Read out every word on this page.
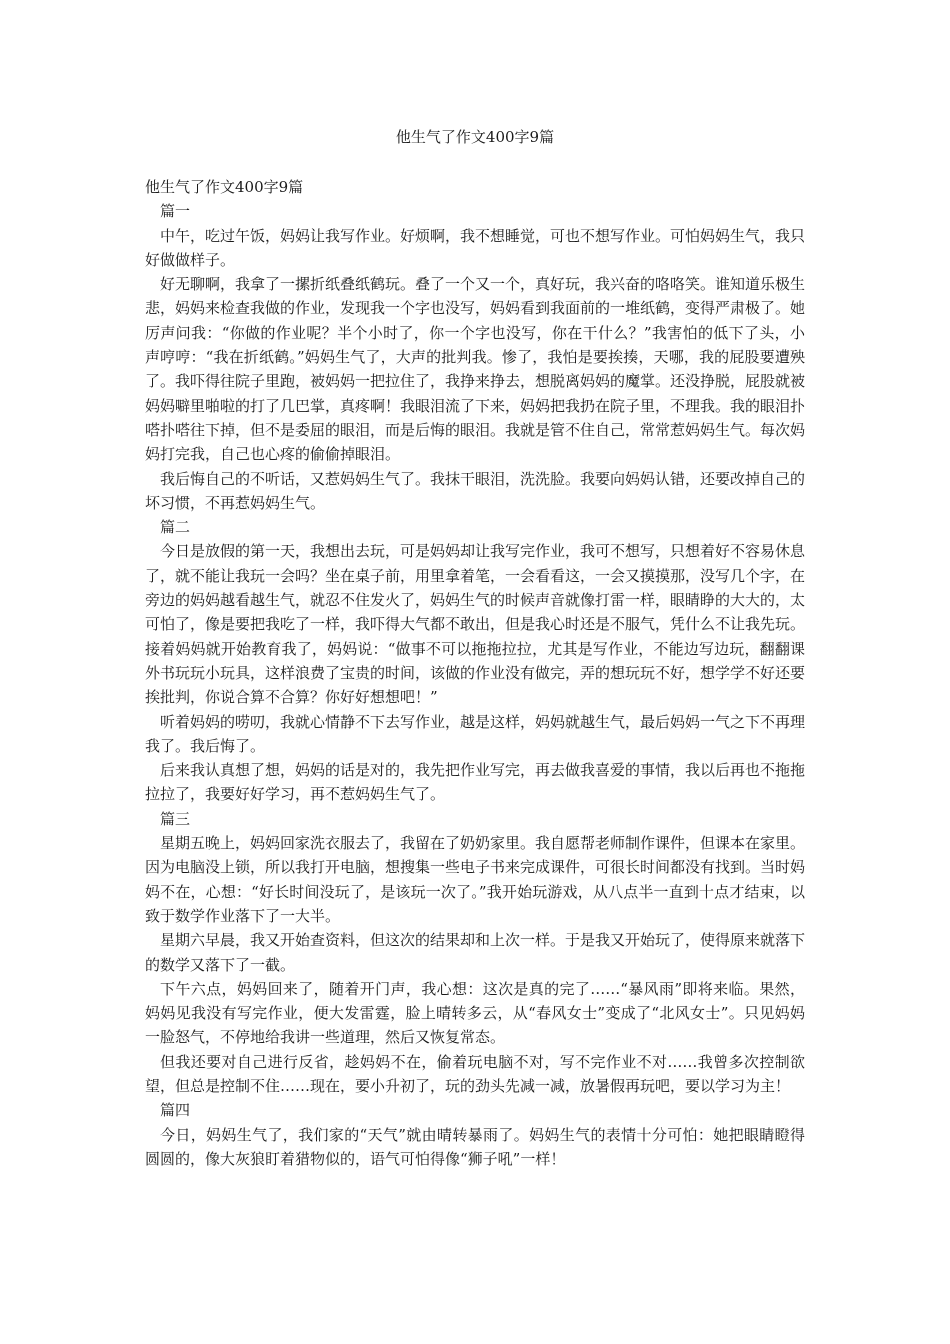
他生气了作文400字9篇

他生气了作文400字9篇

篇一

中午，吃过午饭，妈妈让我写作业。好烦啊，我不想睡觉，可也不想写作业。可怕妈妈生气，我只好做做样子。

好无聊啊，我拿了一摞折纸叠纸鹤玩。叠了一个又一个，真好玩，我兴奋的咯咯笑。谁知道乐极生悲，妈妈来检查我做的作业，发现我一个字也没写，妈妈看到我面前的一堆纸鹤，变得严肃极了。她厉声问我：“你做的作业呢？半个小时了，你一个字也没写，你在干什么？”我害怕的低下了头，小声哼哼：“我在折纸鹤。”妈妈生气了，大声的批判我。惨了，我怕是要挨揍，天哪，我的屁股要遭殃了。我吓得往院子里跑，被妈妈一把拉住了，我挣来挣去，想脱离妈妈的魔掌。还没挣脱，屁股就被妈妈噼里啪啦的打了几巴掌，真疼啊！我眼泪流了下来，妈妈把我扔在院子里，不理我。我的眼泪扑嗒扑嗒往下掉，但不是委屈的眼泪，而是后悔的眼泪。我就是管不住自己，常常惹妈妈生气。每次妈妈打完我，自己也心疼的偷偷掉眼泪。

我后悔自己的不听话，又惹妈妈生气了。我抹干眼泪，洗洗脸。我要向妈妈认错，还要改掉自己的坏习惯，不再惹妈妈生气。

篇二

今日是放假的第一天，我想出去玩，可是妈妈却让我写完作业，我可不想写，只想着好不容易休息了，就不能让我玩一会吗？坐在桌子前，用里拿着笔，一会看看这，一会又摸摸那，没写几个字，在旁边的妈妈越看越生气，就忍不住发火了，妈妈生气的时候声音就像打雷一样，眼睛睁的大大的，太可怕了，像是要把我吃了一样，我吓得大气都不敢出，但是我心时还是不服气，凭什么不让我先玩。接着妈妈就开始教育我了，妈妈说：“做事不可以拖拖拉拉，尤其是写作业，不能边写边玩，翻翻课外书玩玩小玩具，这样浪费了宝贵的时间，该做的作业没有做完，弄的想玩玩不好，想学学不好还要挨批判，你说合算不合算？你好好想想吧！”

听着妈妈的唠叨，我就心情静不下去写作业，越是这样，妈妈就越生气，最后妈妈一气之下不再理我了。我后悔了。

后来我认真想了想，妈妈的话是对的，我先把作业写完，再去做我喜爱的事情，我以后再也不拖拖拉拉了，我要好好学习，再不惹妈妈生气了。

篇三

星期五晚上，妈妈回家洗衣服去了，我留在了奶奶家里。我自愿帮老师制作课件，但课本在家里。因为电脑没上锁，所以我打开电脑，想搜集一些电子书来完成课件，可很长时间都没有找到。当时妈妈不在，心想：“好长时间没玩了，是该玩一次了。”我开始玩游戏，从八点半一直到十点才结束，以致于数学作业落下了一大半。

星期六早晨，我又开始查资料，但这次的结果却和上次一样。于是我又开始玩了，使得原来就落下的数学又落下了一截。

下午六点，妈妈回来了，随着开门声，我心想：这次是真的完了……“暴风雨”即将来临。果然，妈妈见我没有写完作业，便大发雷霆，脸上晴转多云，从“春风女士”变成了“北风女士”。只见妈妈一脸怒气，不停地给我讲一些道理，然后又恢复常态。

但我还要对自己进行反省，趁妈妈不在，偷着玩电脑不对，写不完作业不对……我曾多次控制欲望，但总是控制不住……现在，要小升初了，玩的劲头先减一减，放暑假再玩吧，要以学习为主！

篇四

今日，妈妈生气了，我们家的“天气”就由晴转暴雨了。妈妈生气的表情十分可怕：她把眼睛瞪得圆圆的，像大灰狼盯着猎物似的，语气可怕得像“狮子吼”一样！
